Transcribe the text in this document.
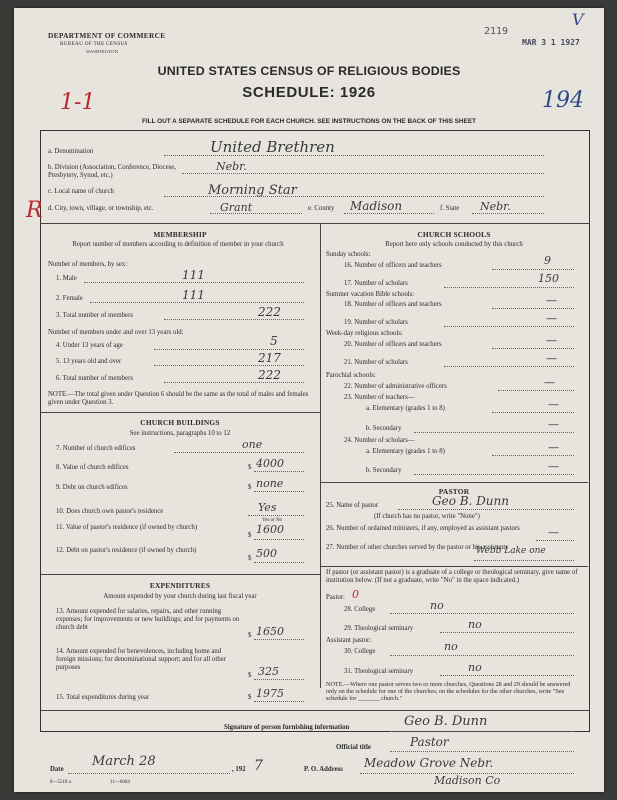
DEPARTMENT OF COMMERCE
BUREAU OF THE CENSUS
WASHINGTON
2119
MAR 3 1 1927
V
UNITED STATES CENSUS OF RELIGIOUS BODIES
SCHEDULE: 1926
1-1	194
FILL OUT A SEPARATE SCHEDULE FOR EACH CHURCH. SEE INSTRUCTIONS ON THE BACK OF THIS SHEET
a. Denomination	United Brethren
b. Division (Association, Conference, Diocese, Presbytery, Synod, etc.)
Nebr.
c. Local name of church	Morning Star
R d. City, town, village, or township, etc.	Grant	e. County Madison	f. State Nebr.
MEMBERSHIP
Report number of members according to definition of member in your church
Number of members, by sex:
1. Male	111
2. Female	111
3. Total number of members	222
Number of members under and over 13 years old:
4. Under 13 years of age	5
5. 13 years old and over	217
6. Total number of members	222
NOTE.—The total given under Question 6 should be the same as the total of males and females given under Question 3.
CHURCH BUILDINGS
See instructions, paragraphs 10 to 12
7. Number of church edifices	one
8. Value of church edifices	$ 4000
9. Debt on church edifices	$ none
10. Does church own pastor's residence	Yes
Yes or No
11. Value of pastor's residence (if owned by church)
$ 1600
12. Debt on pastor's residence (if owned by church)
$ 500
EXPENDITURES
Amount expended by your church during last fiscal year
13. Amount expended for salaries, repairs, and other running expenses; for improvements or new buildings; and for payments on church debt
$ 1650
14. Amount expended for benevolences, including home and foreign missions; for denominational support; and for all other purposes
$ 325
15. Total expenditures during year	$ 1975
CHURCH SCHOOLS
Report here only schools conducted by this church
Sunday schools:
16. Number of officers and teachers	9
17. Number of scholars	150
Summer vacation Bible schools:
18. Number of officers and teachers	—
19. Number of scholars	—
Week-day religious schools:
20. Number of officers and teachers	—
21. Number of scholars	—
Parochial schools:
22. Number of administrative officers	—
23. Number of teachers—
a. Elementary (grades 1 to 8)	—
b. Secondary	—
24. Number of scholars—
a. Elementary (grades 1 to 8)	—
b. Secondary	—
PASTOR
25. Name of pastor	Geo B. Dunn
(If church has no pastor, write "None")
26. Number of ordained ministers, if any, employed as assistant pastors	—
27. Number of other churches served by the pastor or his assistants
Webb Lake one
If pastor (or assistant pastor) is a graduate of a college or theological seminary, give name of institution below. (If not a graduate, write "No" in the space indicated.)
Pastor: 0
28. College	no
29. Theological seminary	no
Assistant pastor:
30. College	no
31. Theological seminary	no
NOTE.—Where one pastor serves two or more churches, Questions 28 and 29 should be answered only on the schedule for one of the churches; on the schedules for the other churches, write "See schedule for _______ church."
Signature of person furnishing information	Geo B. Dunn
Official title	Pastor
Date
March 28
, 192 7	P. O. Address Meadow Grove Nebr.
Madison Co
8—5518 a	11—6064
